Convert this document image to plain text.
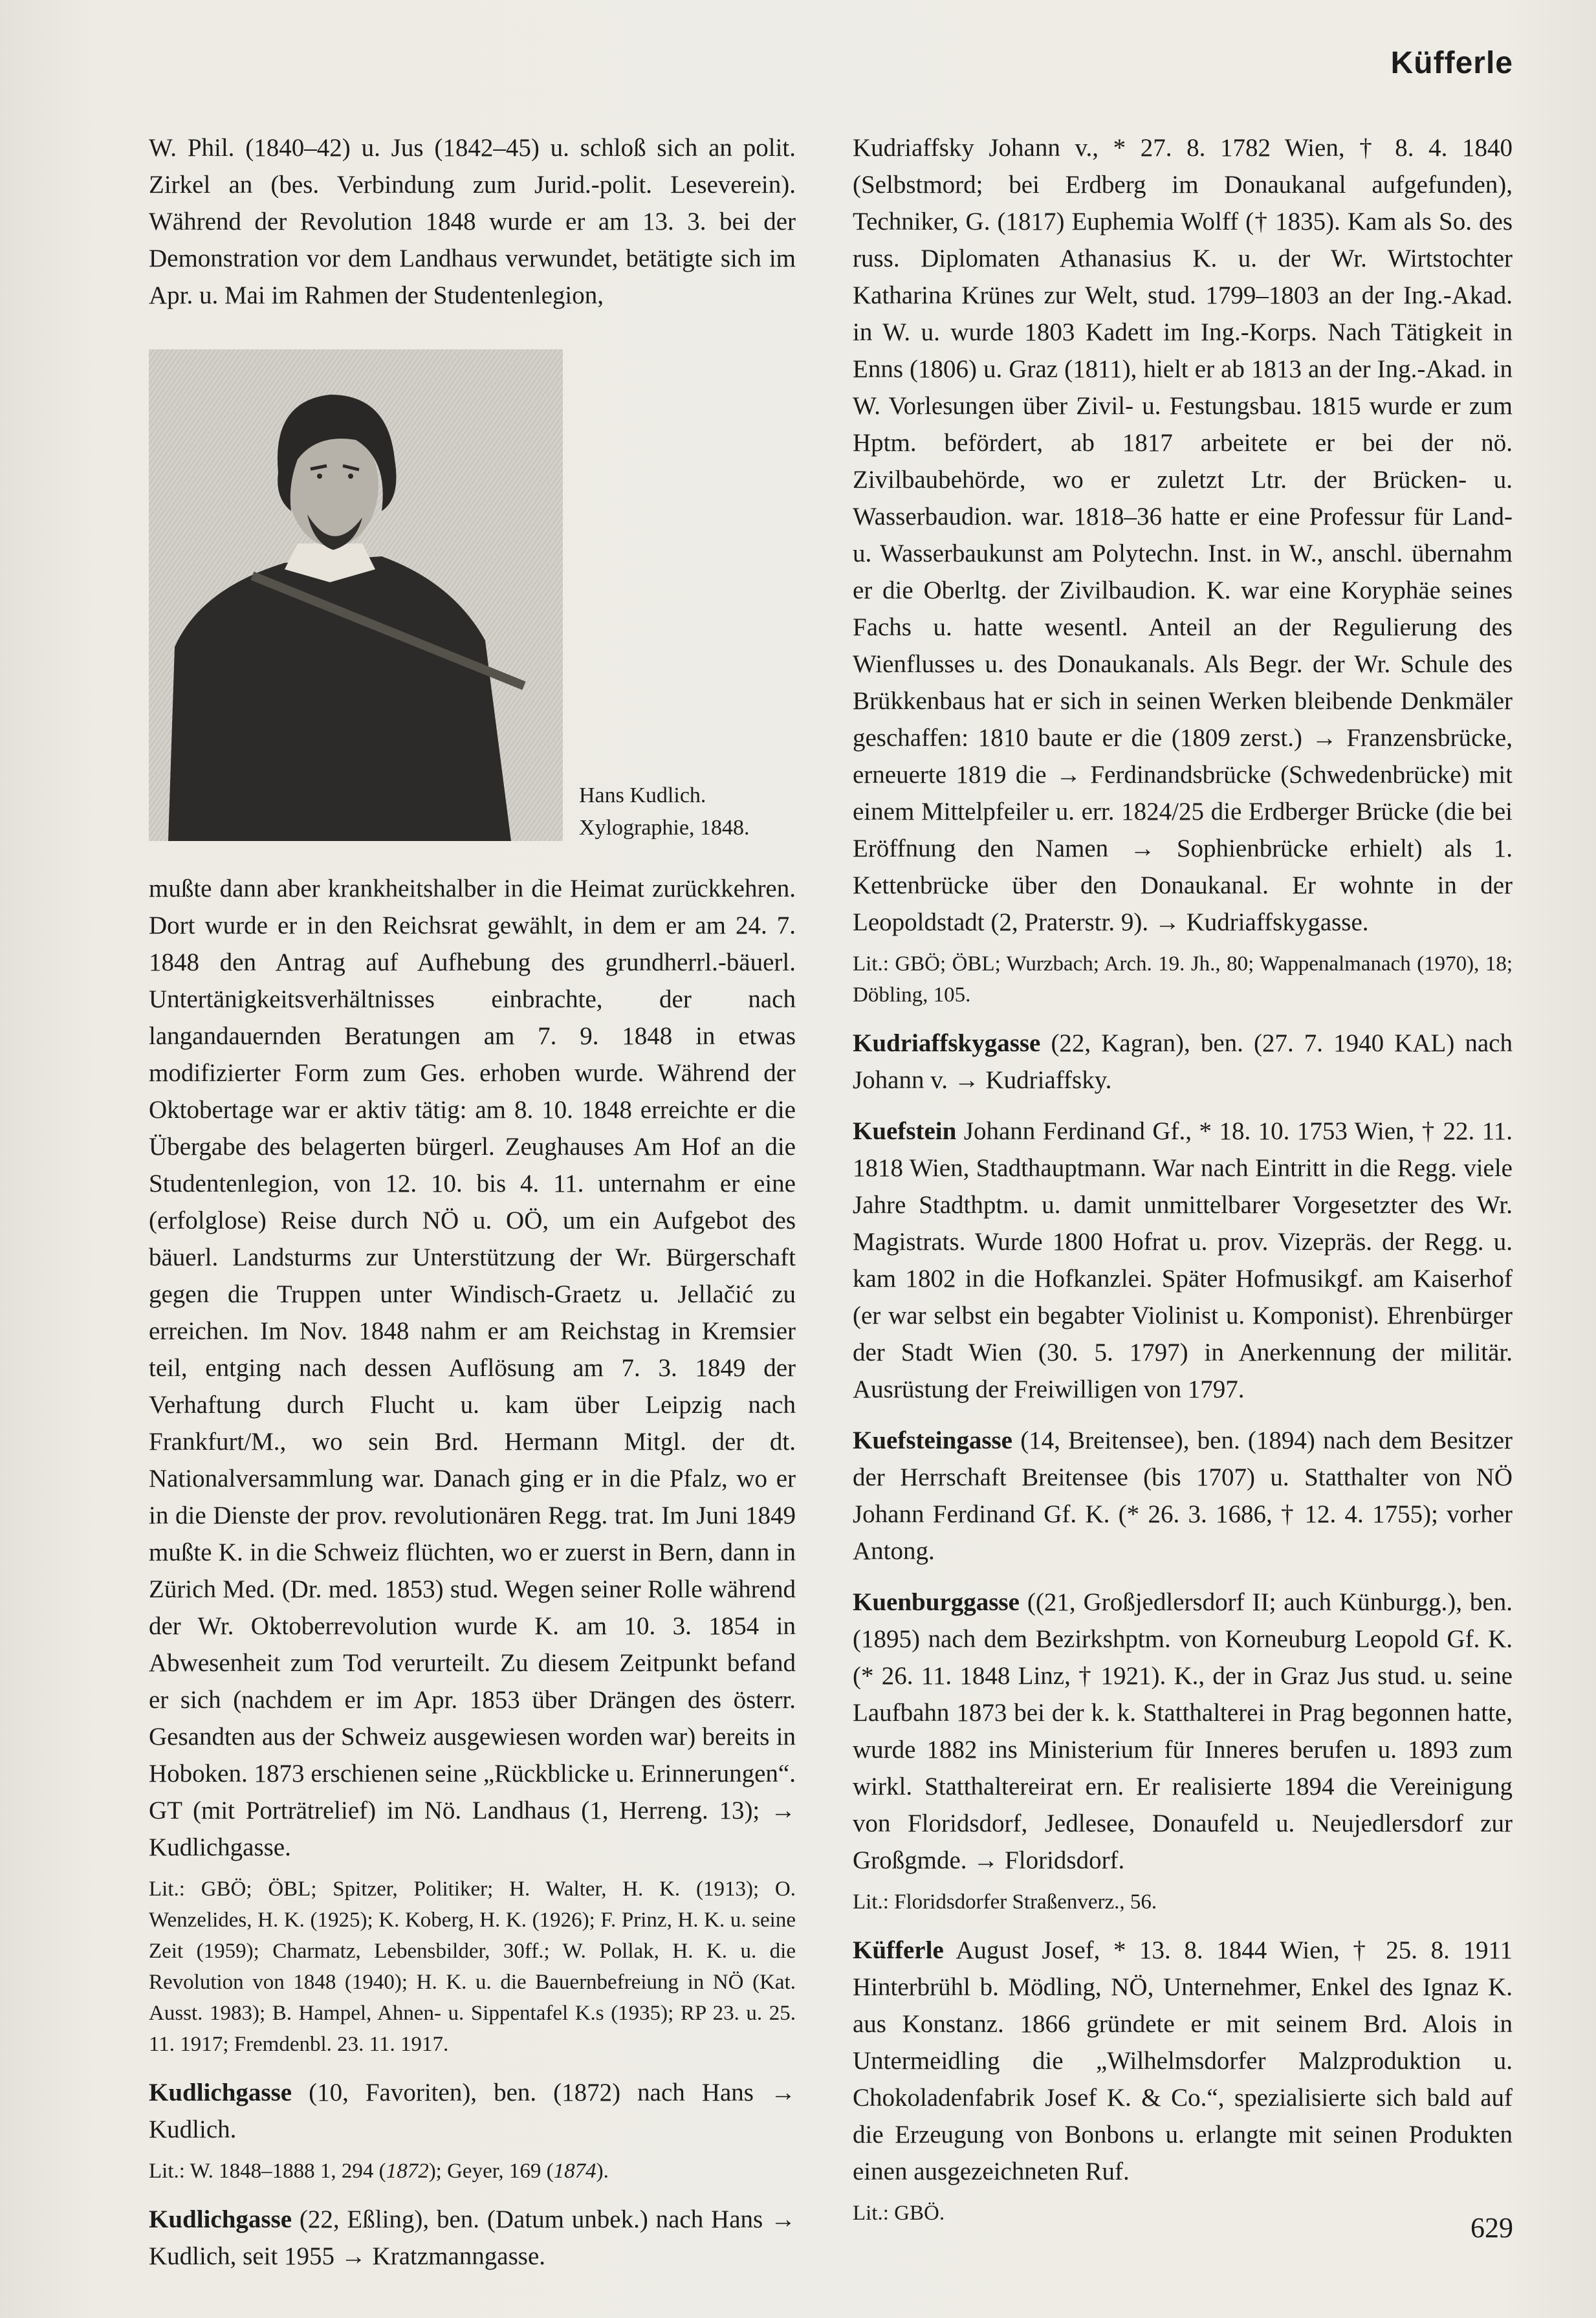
Küfferle

W. Phil. (1840–42) u. Jus (1842–45) u. schloß sich an polit. Zirkel an (bes. Verbindung zum Jurid.-polit. Leseverein). Während der Revolution 1848 wurde er am 13. 3. bei der Demonstration vor dem Landhaus verwundet, betätigte sich im Apr. u. Mai im Rahmen der Studentenlegion,

Hans Kudlich.
Xylographie, 1848.

mußte dann aber krankheitshalber in die Heimat zurückkehren. Dort wurde er in den Reichsrat gewählt, in dem er am 24. 7. 1848 den Antrag auf Aufhebung des grundherrl.-bäuerl. Untertänigkeitsverhältnisses einbrachte, der nach langandauernden Beratungen am 7. 9. 1848 in etwas modifizierter Form zum Ges. erhoben wurde. Während der Oktobertage war er aktiv tätig: am 8. 10. 1848 erreichte er die Übergabe des belagerten bürgerl. Zeughauses Am Hof an die Studentenlegion, von 12. 10. bis 4. 11. unternahm er eine (erfolglose) Reise durch NÖ u. OÖ, um ein Aufgebot des bäuerl. Landsturms zur Unterstützung der Wr. Bürgerschaft gegen die Truppen unter Windisch-Graetz u. Jellačić zu erreichen. Im Nov. 1848 nahm er am Reichstag in Kremsier teil, entging nach dessen Auflösung am 7. 3. 1849 der Verhaftung durch Flucht u. kam über Leipzig nach Frankfurt/M., wo sein Brd. Hermann Mitgl. der dt. Nationalversammlung war. Danach ging er in die Pfalz, wo er in die Dienste der prov. revolutionären Regg. trat. Im Juni 1849 mußte K. in die Schweiz flüchten, wo er zuerst in Bern, dann in Zürich Med. (Dr. med. 1853) stud. Wegen seiner Rolle während der Wr. Oktoberrevolution wurde K. am 10. 3. 1854 in Abwesenheit zum Tod verurteilt. Zu diesem Zeitpunkt befand er sich (nachdem er im Apr. 1853 über Drängen des österr. Gesandten aus der Schweiz ausgewiesen worden war) bereits in Hoboken. 1873 erschienen seine „Rückblicke u. Erinnerungen“. GT (mit Porträtrelief) im Nö. Landhaus (1, Herreng. 13); → Kudlichgasse.

Lit.: GBÖ; ÖBL; Spitzer, Politiker; H. Walter, H. K. (1913); O. Wenzelides, H. K. (1925); K. Koberg, H. K. (1926); F. Prinz, H. K. u. seine Zeit (1959); Charmatz, Lebensbilder, 30ff.; W. Pollak, H. K. u. die Revolution von 1848 (1940); H. K. u. die Bauernbefreiung in NÖ (Kat. Ausst. 1983); B. Hampel, Ahnen- u. Sippentafel K.s (1935); RP 23. u. 25. 11. 1917; Fremdenbl. 23. 11. 1917.

Kudlichgasse (10, Favoriten), ben. (1872) nach Hans → Kudlich.

Lit.: W. 1848–1888 1, 294 (1872); Geyer, 169 (1874).

Kudlichgasse (22, Eßling), ben. (Datum unbek.) nach Hans → Kudlich, seit 1955 → Kratzmanngasse.

Kudriaffsky Johann v., * 27. 8. 1782 Wien, † 8. 4. 1840 (Selbstmord; bei Erdberg im Donaukanal aufgefunden), Techniker, G. (1817) Euphemia Wolff († 1835). Kam als So. des russ. Diplomaten Athanasius K. u. der Wr. Wirtstochter Katharina Krünes zur Welt, stud. 1799–1803 an der Ing.-Akad. in W. u. wurde 1803 Kadett im Ing.-Korps. Nach Tätigkeit in Enns (1806) u. Graz (1811), hielt er ab 1813 an der Ing.-Akad. in W. Vorlesungen über Zivil- u. Festungsbau. 1815 wurde er zum Hptm. befördert, ab 1817 arbeitete er bei der nö. Zivilbaubehörde, wo er zuletzt Ltr. der Brücken- u. Wasserbaudion. war. 1818–36 hatte er eine Professur für Land- u. Wasserbaukunst am Polytechn. Inst. in W., anschl. übernahm er die Oberltg. der Zivilbaudion. K. war eine Koryphäe seines Fachs u. hatte wesentl. Anteil an der Regulierung des Wienflusses u. des Donaukanals. Als Begr. der Wr. Schule des Brükkenbaus hat er sich in seinen Werken bleibende Denkmäler geschaffen: 1810 baute er die (1809 zerst.) → Franzensbrücke, erneuerte 1819 die → Ferdinandsbrücke (Schwedenbrücke) mit einem Mittelpfeiler u. err. 1824/25 die Erdberger Brücke (die bei Eröffnung den Namen → Sophienbrücke erhielt) als 1. Kettenbrücke über den Donaukanal. Er wohnte in der Leopoldstadt (2, Praterstr. 9). → Kudriaffskygasse.

Lit.: GBÖ; ÖBL; Wurzbach; Arch. 19. Jh., 80; Wappenalmanach (1970), 18; Döbling, 105.

Kudriaffskygasse (22, Kagran), ben. (27. 7. 1940 KAL) nach Johann v. → Kudriaffsky.

Kuefstein Johann Ferdinand Gf., * 18. 10. 1753 Wien, † 22. 11. 1818 Wien, Stadthauptmann. War nach Eintritt in die Regg. viele Jahre Stadthptm. u. damit unmittelbarer Vorgesetzter des Wr. Magistrats. Wurde 1800 Hofrat u. prov. Vizepräs. der Regg. u. kam 1802 in die Hofkanzlei. Später Hofmusikgf. am Kaiserhof (er war selbst ein begabter Violinist u. Komponist). Ehrenbürger der Stadt Wien (30. 5. 1797) in Anerkennung der militär. Ausrüstung der Freiwilligen von 1797.

Kuefsteingasse (14, Breitensee), ben. (1894) nach dem Besitzer der Herrschaft Breitensee (bis 1707) u. Statthalter von NÖ Johann Ferdinand Gf. K. (* 26. 3. 1686, † 12. 4. 1755); vorher Antong.

Kuenburggasse ((21, Großjedlersdorf II; auch Künburgg.), ben. (1895) nach dem Bezirkshptm. von Korneuburg Leopold Gf. K. (* 26. 11. 1848 Linz, † 1921). K., der in Graz Jus stud. u. seine Laufbahn 1873 bei der k. k. Statthalterei in Prag begonnen hatte, wurde 1882 ins Ministerium für Inneres berufen u. 1893 zum wirkl. Statthaltereirat ern. Er realisierte 1894 die Vereinigung von Floridsdorf, Jedlesee, Donaufeld u. Neujedlersdorf zur Großgmde. → Floridsdorf.

Lit.: Floridsdorfer Straßenverz., 56.

Küfferle August Josef, * 13. 8. 1844 Wien, † 25. 8. 1911 Hinterbrühl b. Mödling, NÖ, Unternehmer, Enkel des Ignaz K. aus Konstanz. 1866 gründete er mit seinem Brd. Alois in Untermeidling die „Wilhelmsdorfer Malzproduktion u. Chokoladenfabrik Josef K. & Co.“, spezialisierte sich bald auf die Erzeugung von Bonbons u. erlangte mit seinen Produkten einen ausgezeichneten Ruf.

Lit.: GBÖ.	629
